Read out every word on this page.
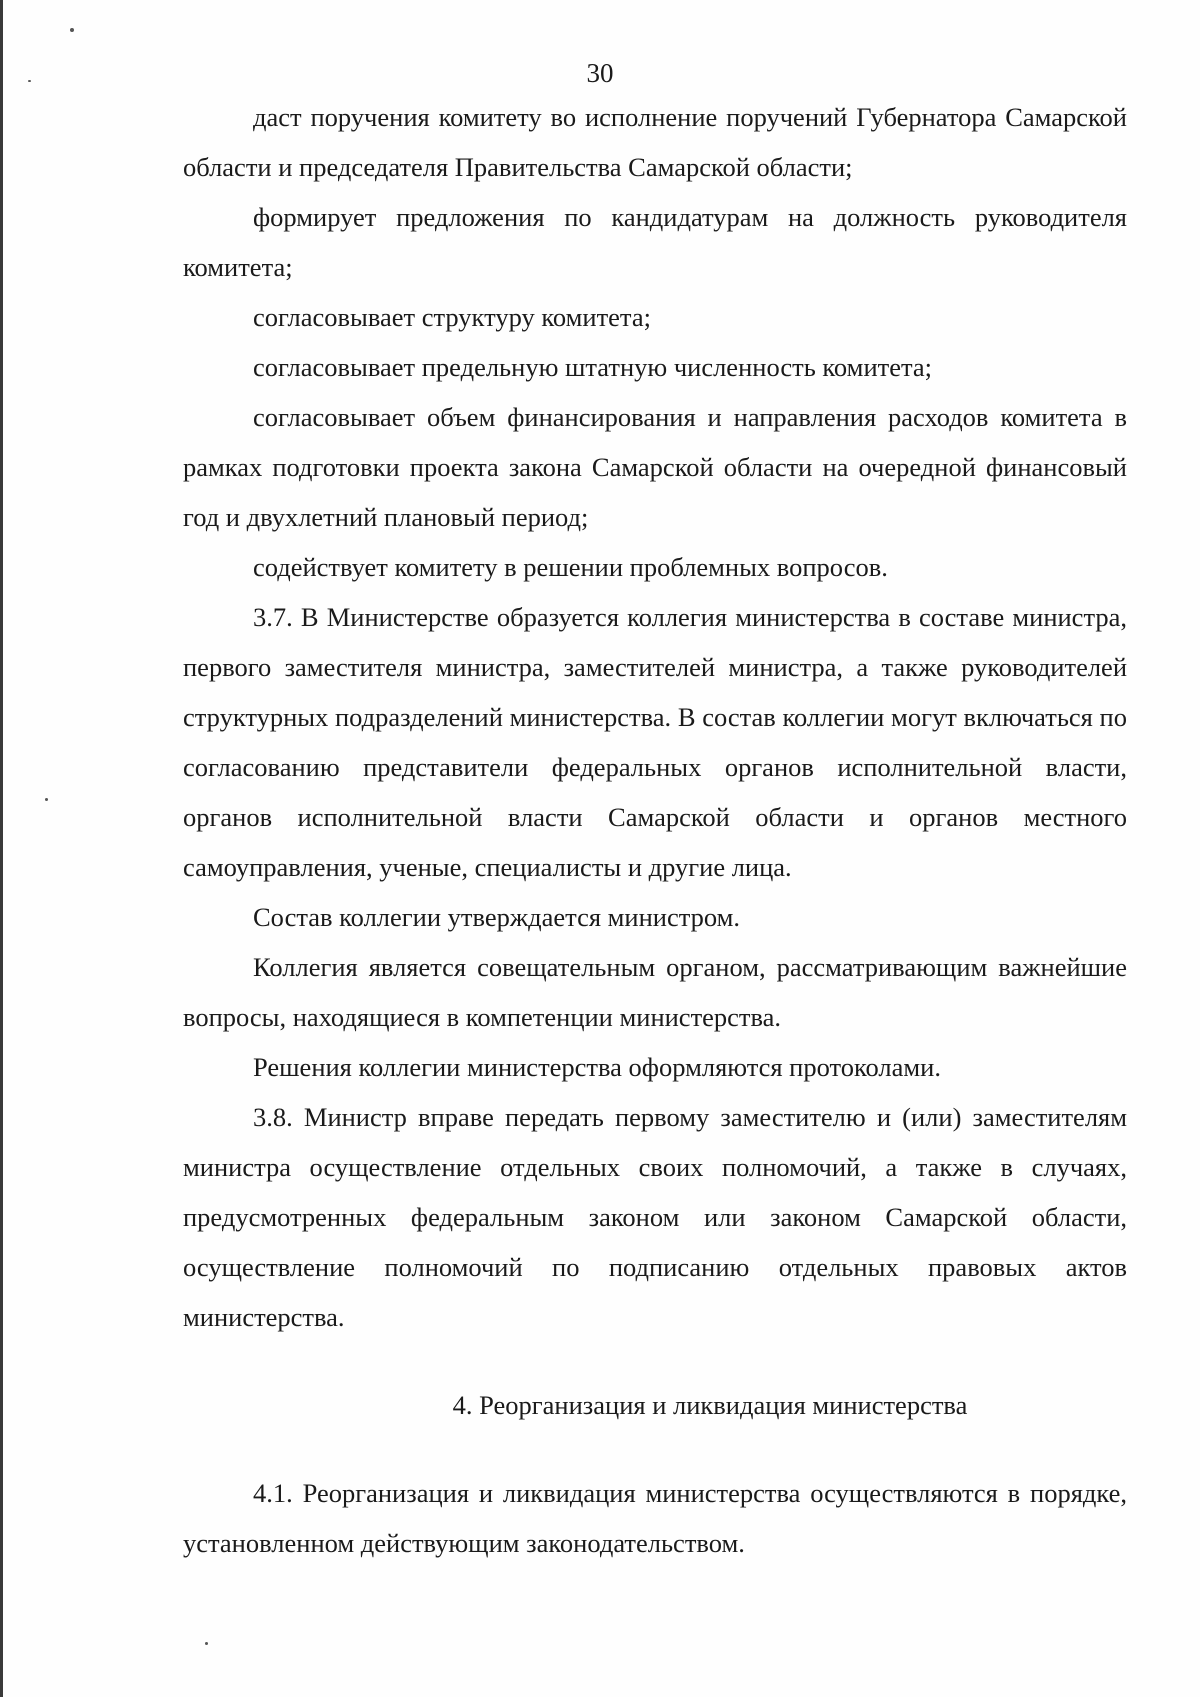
30

даст поручения комитету во исполнение поручений Губернатора Самарской области и председателя Правительства Самарской области;

формирует предложения по кандидатурам на должность руководителя комитета;

согласовывает структуру комитета;

согласовывает предельную штатную численность комитета;

согласовывает объем финансирования и направления расходов комитета в рамках подготовки проекта закона Самарской области на очередной финансовый год и двухлетний плановый период;

содействует комитету в решении проблемных вопросов.

3.7. В Министерстве образуется коллегия министерства в составе министра, первого заместителя министра, заместителей министра, а также руководителей структурных подразделений министерства. В состав коллегии могут включаться по согласованию представители федеральных органов исполнительной власти, органов исполнительной власти Самарской области и органов местного самоуправления, ученые, специалисты и другие лица.

Состав коллегии утверждается министром.

Коллегия является совещательным органом, рассматривающим важнейшие вопросы, находящиеся в компетенции министерства.

Решения коллегии министерства оформляются протоколами.

3.8. Министр вправе передать первому заместителю и (или) заместителям министра осуществление отдельных своих полномочий, а также в случаях, предусмотренных федеральным законом или законом Самарской области, осуществление полномочий по подписанию отдельных правовых актов министерства.

4. Реорганизация и ликвидация министерства

4.1. Реорганизация и ликвидация министерства осуществляются в порядке, установленном действующим законодательством.
